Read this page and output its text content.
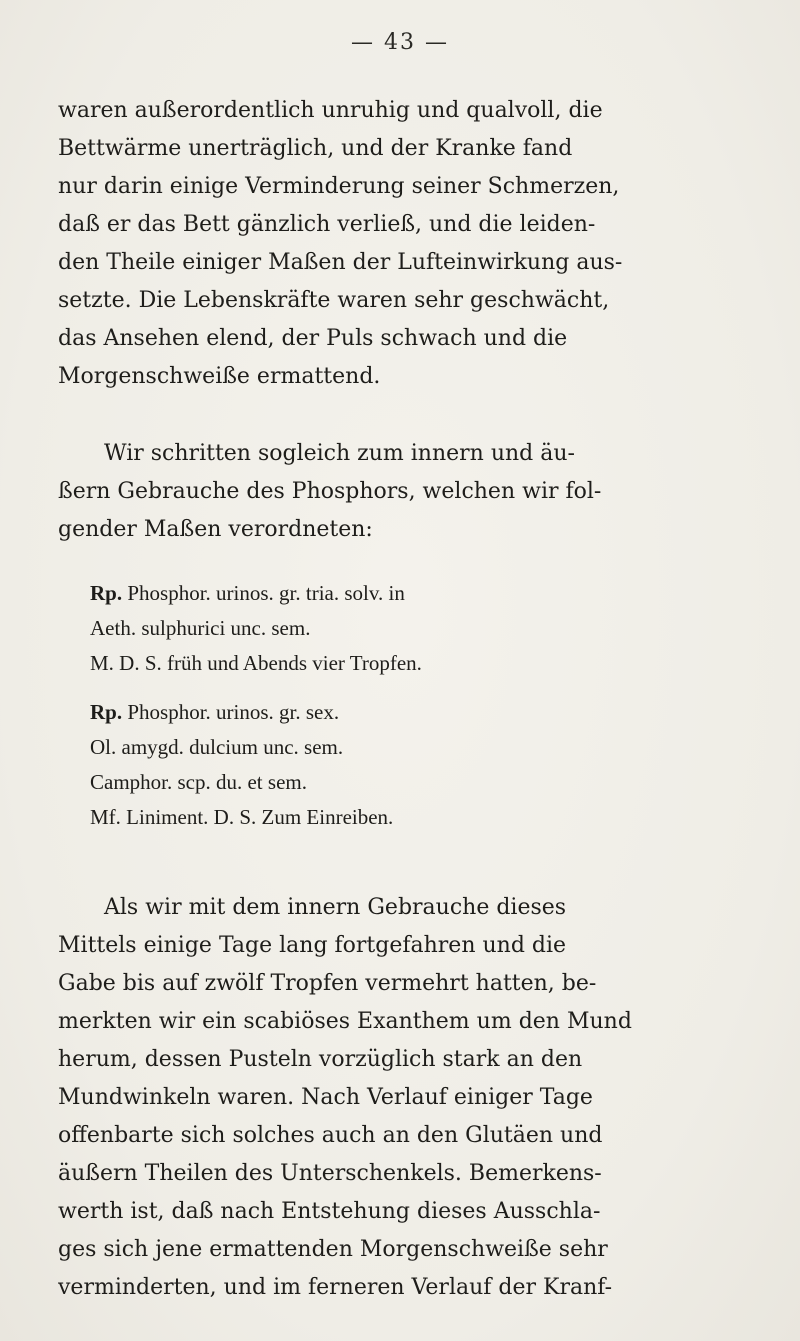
— 43 —
waren außerordentlich unruhig und qualvoll, die
Bettwärme unerträglich, und der Kranke fand
nur darin einige Verminderung seiner Schmerzen,
daß er das Bett gänzlich verließ, und die leiden-
den Theile einiger Maßen der Lufteinwirkung aus-
setzte. Die Lebenskräfte waren sehr geschwächt,
das Ansehen elend, der Puls schwach und die
Morgenschweiße ermattend.
Wir schritten sogleich zum innern und äu-
ßern Gebrauche des Phosphors, welchen wir fol-
gender Maßen verordneten:
Rp. Phosphor. urinos. gr. tria. solv. in
Aeth. sulphurici unc. sem.
M. D. S. früh und Abends vier Tropfen.
Rp. Phosphor. urinos. gr. sex.
Ol. amygd. dulcium unc. sem.
Camphor. scp. du. et sem.
Mf. Liniment. D. S. Zum Einreiben.
Als wir mit dem innern Gebrauche dieses
Mittels einige Tage lang fortgefahren und die
Gabe bis auf zwölf Tropfen vermehrt hatten, be-
merkten wir ein scabiöses Exanthem um den Mund
herum, dessen Pusteln vorzüglich stark an den
Mundwinkeln waren. Nach Verlauf einiger Tage
offenbarte sich solches auch an den Glutäen und
äußern Theilen des Unterschenkels. Bemerkens-
werth ist, daß nach Entstehung dieses Ausschla-
ges sich jene ermattenden Morgenschweiße sehr
verminderten, und im ferneren Verlauf der Kranf-
